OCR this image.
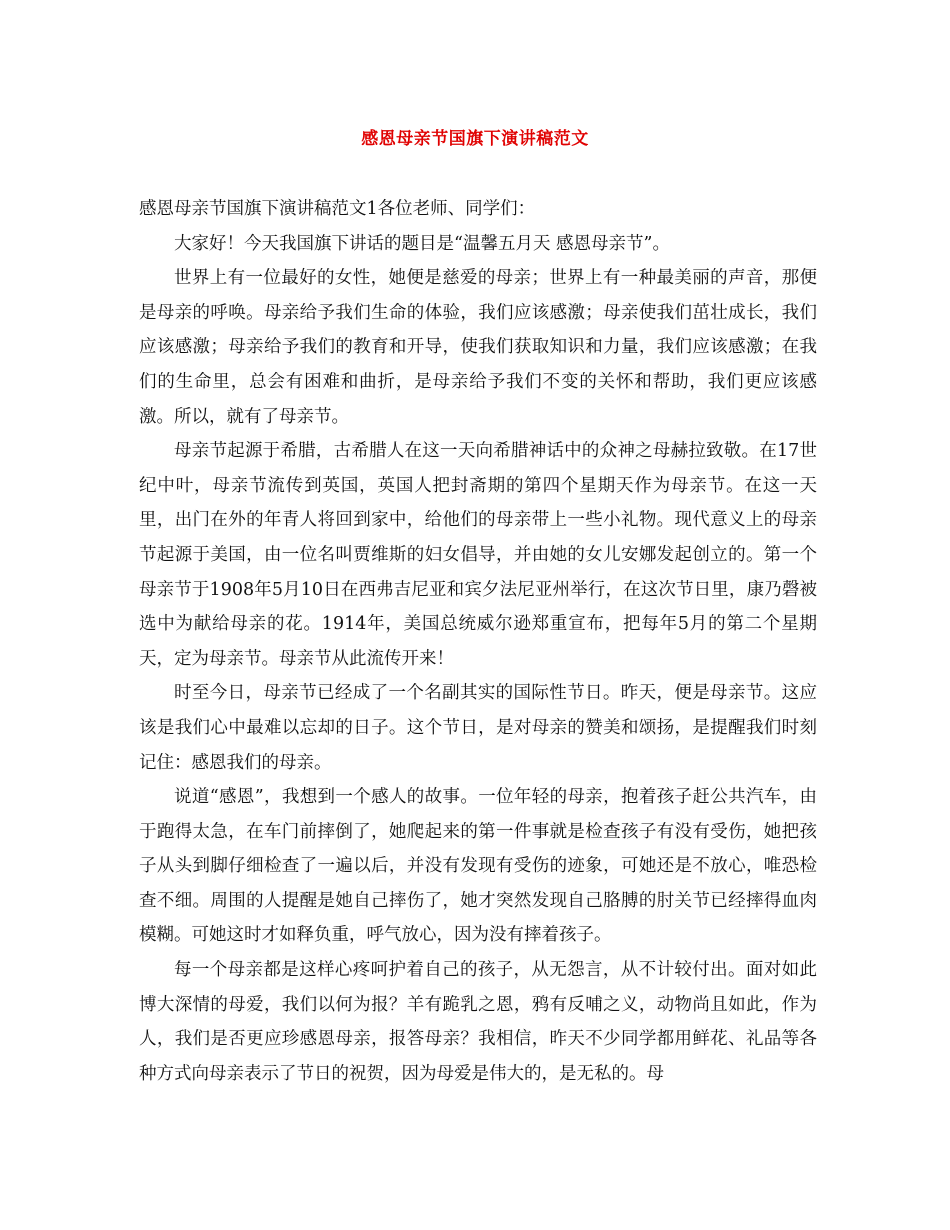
感恩母亲节国旗下演讲稿范文

感恩母亲节国旗下演讲稿范文1各位老师、同学们：

大家好！今天我国旗下讲话的题目是“温馨五月天 感恩母亲节”。

世界上有一位最好的女性，她便是慈爱的母亲；世界上有一种最美丽的声音，那便是母亲的呼唤。母亲给予我们生命的体验，我们应该感激；母亲使我们茁壮成长，我们应该感激；母亲给予我们的教育和开导，使我们获取知识和力量，我们应该感激；在我们的生命里，总会有困难和曲折，是母亲给予我们不变的关怀和帮助，我们更应该感激。所以，就有了母亲节。

母亲节起源于希腊，古希腊人在这一天向希腊神话中的众神之母赫拉致敬。在17世纪中叶，母亲节流传到英国，英国人把封斋期的第四个星期天作为母亲节。在这一天里，出门在外的年青人将回到家中，给他们的母亲带上一些小礼物。现代意义上的母亲节起源于美国，由一位名叫贾维斯的妇女倡导，并由她的女儿安娜发起创立的。第一个母亲节于1908年5月10日在西弗吉尼亚和宾夕法尼亚州举行，在这次节日里，康乃磬被选中为献给母亲的花。1914年，美国总统威尔逊郑重宣布，把每年5月的第二个星期天，定为母亲节。母亲节从此流传开来！

时至今日，母亲节已经成了一个名副其实的国际性节日。昨天，便是母亲节。这应该是我们心中最难以忘却的日子。这个节日，是对母亲的赞美和颂扬，是提醒我们时刻记住：感恩我们的母亲。

说道“感恩”，我想到一个感人的故事。一位年轻的母亲，抱着孩子赶公共汽车，由于跑得太急，在车门前摔倒了，她爬起来的第一件事就是检查孩子有没有受伤，她把孩子从头到脚仔细检查了一遍以后，并没有发现有受伤的迹象，可她还是不放心，唯恐检查不细。周围的人提醒是她自己摔伤了，她才突然发现自己胳膊的肘关节已经摔得血肉模糊。可她这时才如释负重，呼气放心，因为没有摔着孩子。

每一个母亲都是这样心疼呵护着自己的孩子，从无怨言，从不计较付出。面对如此博大深情的母爱，我们以何为报？羊有跪乳之恩，鸦有反哺之义，动物尚且如此，作为人，我们是否更应珍感恩母亲，报答母亲？我相信，昨天不少同学都用鲜花、礼品等各种方式向母亲表示了节日的祝贺，因为母爱是伟大的，是无私的。母
